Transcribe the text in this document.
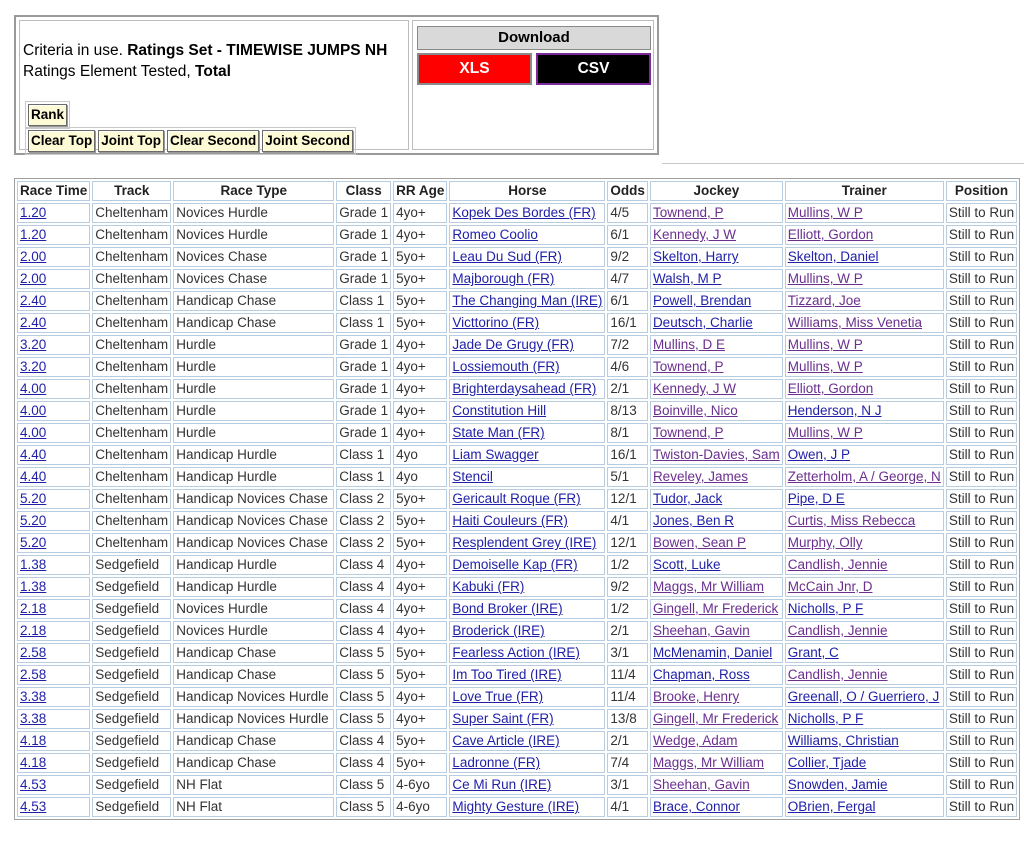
Criteria in use. Ratings Set - TIMEWISE JUMPS NH
Ratings Element Tested, Total
Rank
Clear Top Joint Top Clear Second Joint Second
Download
XLS	CSV
Race Time	Track	Race Type	Class	RR Age	Horse	Odds	Jockey	Trainer	Position
1.20	Cheltenham	Novices Hurdle	Grade 1	4yo+	Kopek Des Bordes (FR)	4/5	Townend, P	Mullins, W P	Still to Run
1.20	Cheltenham	Novices Hurdle	Grade 1	4yo+	Romeo Coolio	6/1	Kennedy, J W	Elliott, Gordon	Still to Run
2.00	Cheltenham	Novices Chase	Grade 1	5yo+	Leau Du Sud (FR)	9/2	Skelton, Harry	Skelton, Daniel	Still to Run
2.00	Cheltenham	Novices Chase	Grade 1	5yo+	Majborough (FR)	4/7	Walsh, M P	Mullins, W P	Still to Run
2.40	Cheltenham	Handicap Chase	Class 1	5yo+	The Changing Man (IRE)	6/1	Powell, Brendan	Tizzard, Joe	Still to Run
2.40	Cheltenham	Handicap Chase	Class 1	5yo+	Victtorino (FR)	16/1	Deutsch, Charlie	Williams, Miss Venetia	Still to Run
3.20	Cheltenham	Hurdle	Grade 1	4yo+	Jade De Grugy (FR)	7/2	Mullins, D E	Mullins, W P	Still to Run
3.20	Cheltenham	Hurdle	Grade 1	4yo+	Lossiemouth (FR)	4/6	Townend, P	Mullins, W P	Still to Run
4.00	Cheltenham	Hurdle	Grade 1	4yo+	Brighterdaysahead (FR)	2/1	Kennedy, J W	Elliott, Gordon	Still to Run
4.00	Cheltenham	Hurdle	Grade 1	4yo+	Constitution Hill	8/13	Boinville, Nico	Henderson, N J	Still to Run
4.00	Cheltenham	Hurdle	Grade 1	4yo+	State Man (FR)	8/1	Townend, P	Mullins, W P	Still to Run
4.40	Cheltenham	Handicap Hurdle	Class 1	4yo	Liam Swagger	16/1	Twiston-Davies, Sam	Owen, J P	Still to Run
4.40	Cheltenham	Handicap Hurdle	Class 1	4yo	Stencil	5/1	Reveley, James	Zetterholm, A / George, N	Still to Run
5.20	Cheltenham	Handicap Novices Chase	Class 2	5yo+	Gericault Roque (FR)	12/1	Tudor, Jack	Pipe, D E	Still to Run
5.20	Cheltenham	Handicap Novices Chase	Class 2	5yo+	Haiti Couleurs (FR)	4/1	Jones, Ben R	Curtis, Miss Rebecca	Still to Run
5.20	Cheltenham	Handicap Novices Chase	Class 2	5yo+	Resplendent Grey (IRE)	12/1	Bowen, Sean P	Murphy, Olly	Still to Run
1.38	Sedgefield	Handicap Hurdle	Class 4	4yo+	Demoiselle Kap (FR)	1/2	Scott, Luke	Candlish, Jennie	Still to Run
1.38	Sedgefield	Handicap Hurdle	Class 4	4yo+	Kabuki (FR)	9/2	Maggs, Mr William	McCain Jnr, D	Still to Run
2.18	Sedgefield	Novices Hurdle	Class 4	4yo+	Bond Broker (IRE)	1/2	Gingell, Mr Frederick	Nicholls, P F	Still to Run
2.18	Sedgefield	Novices Hurdle	Class 4	4yo+	Broderick (IRE)	2/1	Sheehan, Gavin	Candlish, Jennie	Still to Run
2.58	Sedgefield	Handicap Chase	Class 5	5yo+	Fearless Action (IRE)	3/1	McMenamin, Daniel	Grant, C	Still to Run
2.58	Sedgefield	Handicap Chase	Class 5	5yo+	Im Too Tired (IRE)	11/4	Chapman, Ross	Candlish, Jennie	Still to Run
3.38	Sedgefield	Handicap Novices Hurdle	Class 5	4yo+	Love True (FR)	11/4	Brooke, Henry	Greenall, O / Guerriero, J	Still to Run
3.38	Sedgefield	Handicap Novices Hurdle	Class 5	4yo+	Super Saint (FR)	13/8	Gingell, Mr Frederick	Nicholls, P F	Still to Run
4.18	Sedgefield	Handicap Chase	Class 4	5yo+	Cave Article (IRE)	2/1	Wedge, Adam	Williams, Christian	Still to Run
4.18	Sedgefield	Handicap Chase	Class 4	5yo+	Ladronne (FR)	7/4	Maggs, Mr William	Collier, Tjade	Still to Run
4.53	Sedgefield	NH Flat	Class 5	4-6yo	Ce Mi Run (IRE)	3/1	Sheehan, Gavin	Snowden, Jamie	Still to Run
4.53	Sedgefield	NH Flat	Class 5	4-6yo	Mighty Gesture (IRE)	4/1	Brace, Connor	OBrien, Fergal	Still to Run
